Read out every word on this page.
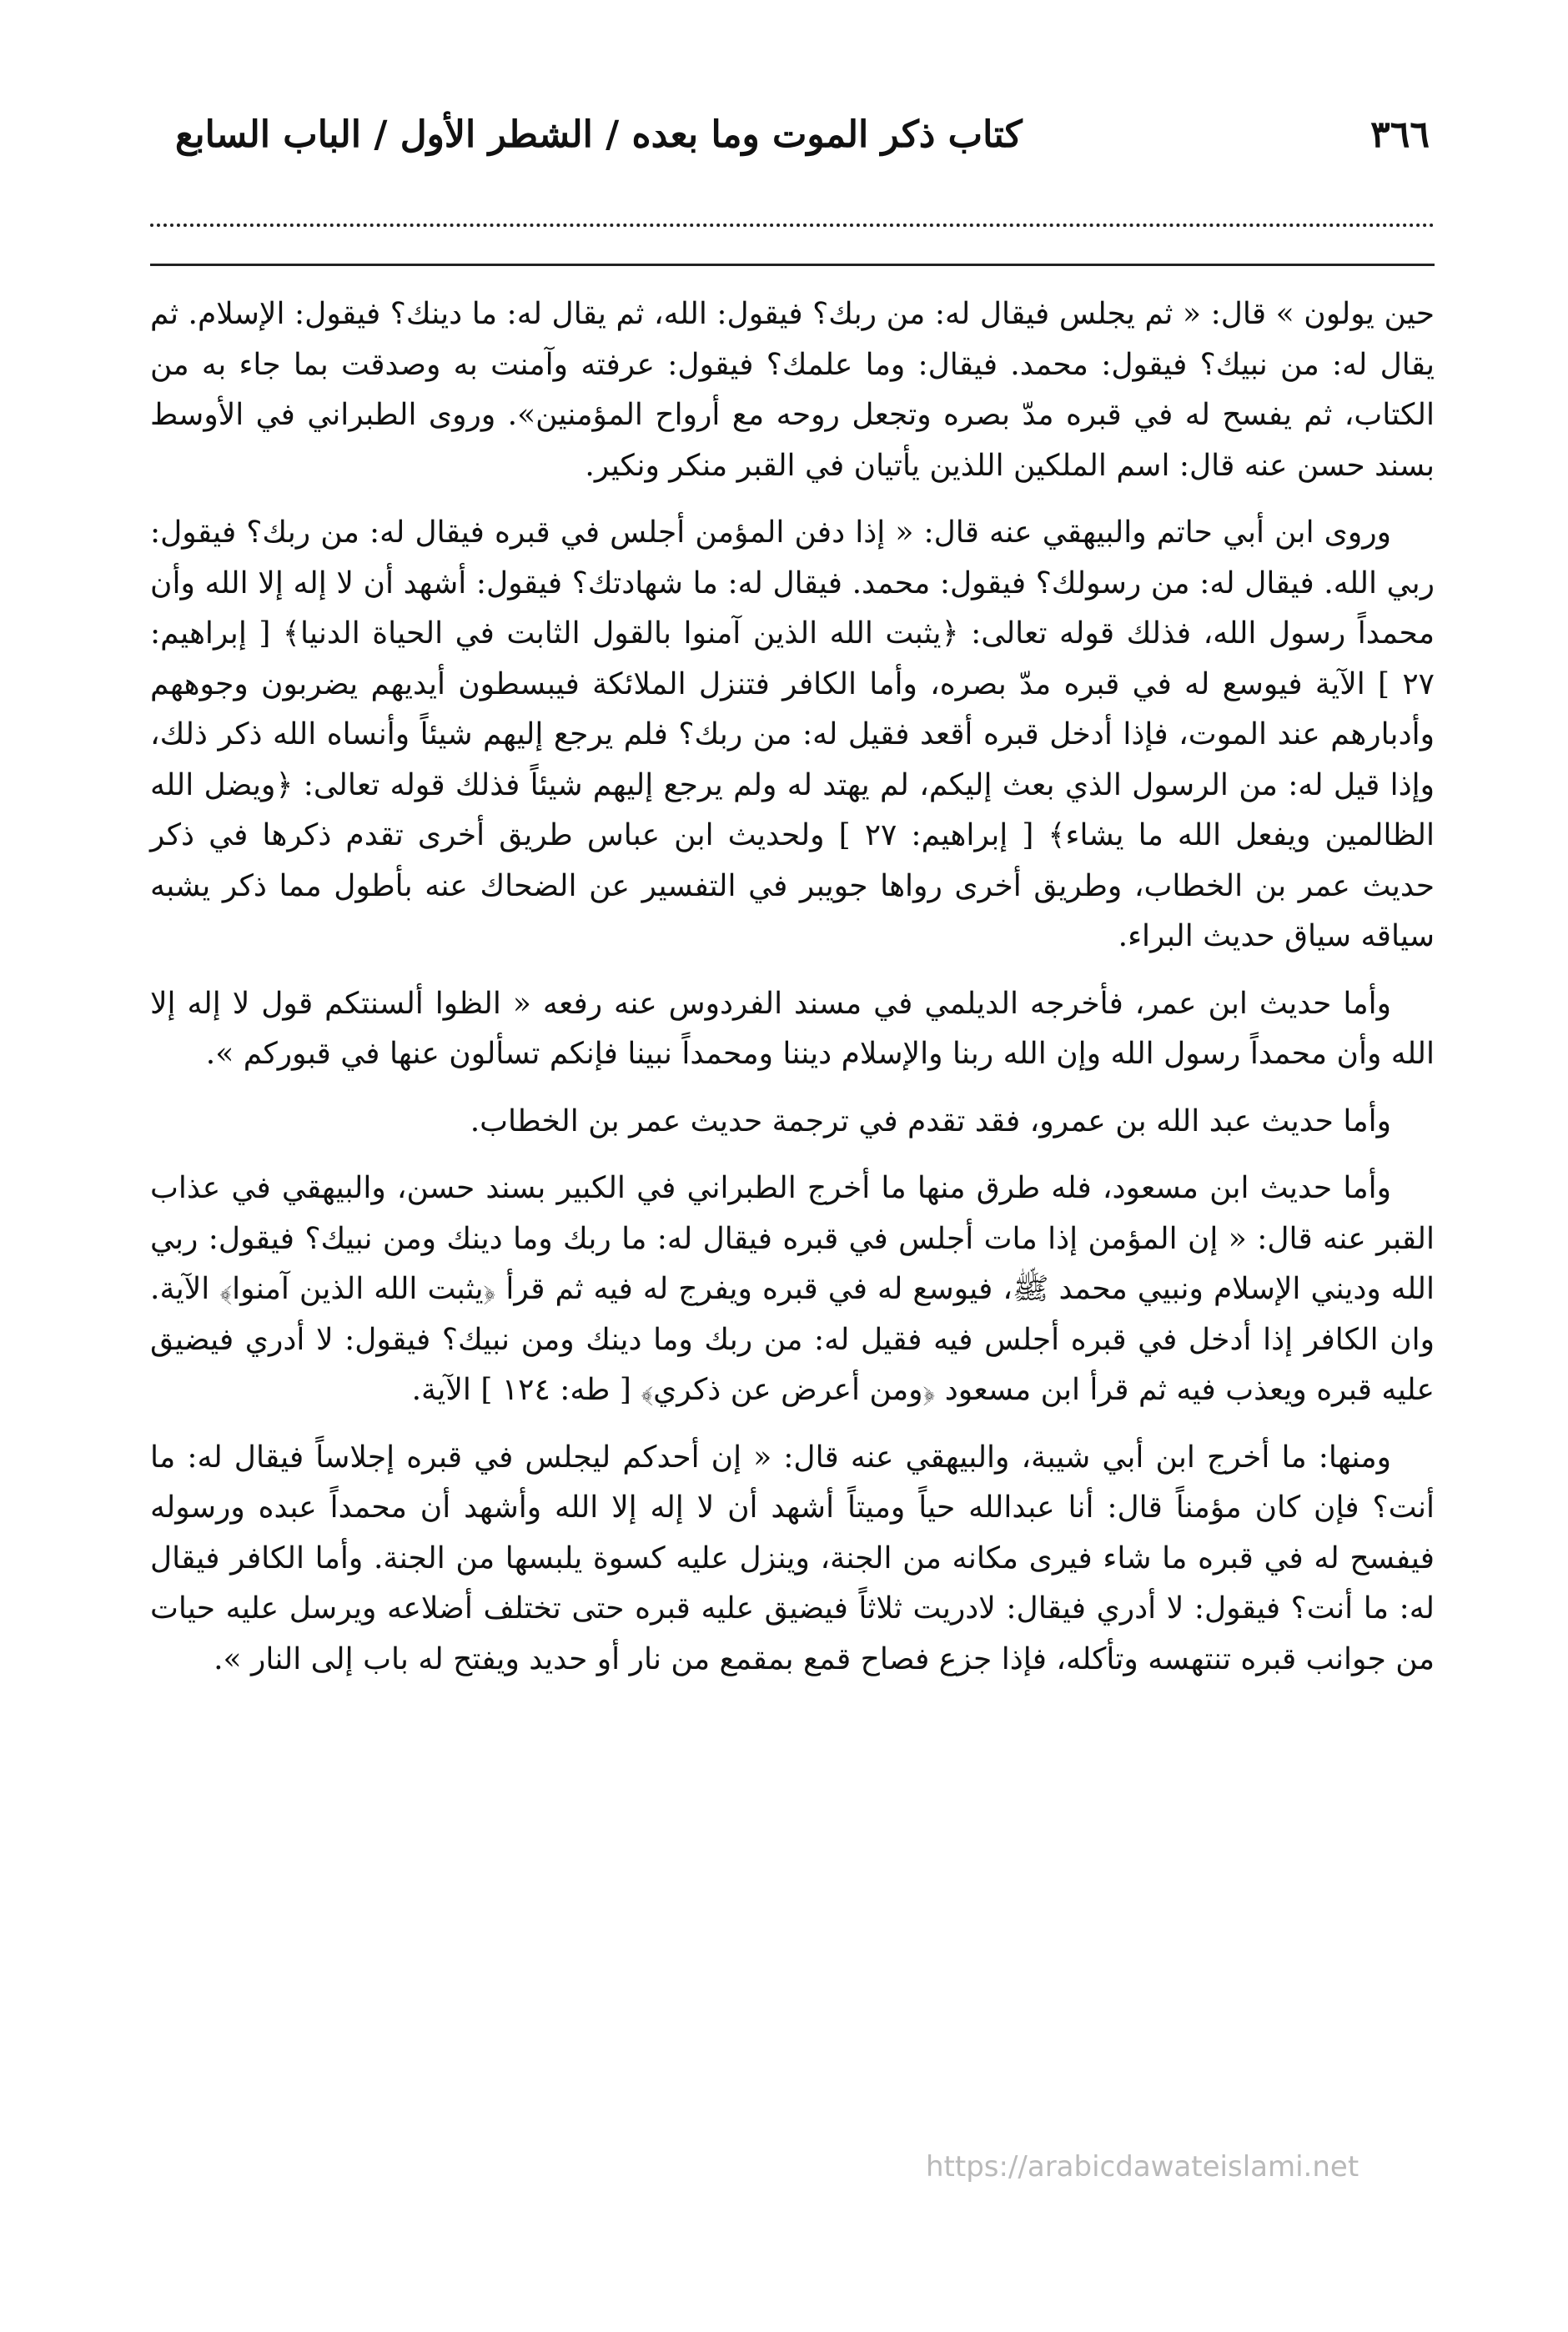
٣٦٦
كتاب ذكر الموت وما بعده / الشطر الأول / الباب السابع

حين يولون » قال: « ثم يجلس فيقال له: من ربك؟ فيقول: الله، ثم يقال له: ما دينك؟ فيقول: الإسلام. ثم يقال له: من نبيك؟ فيقول: محمد. فيقال: وما علمك؟ فيقول: عرفته وآمنت به وصدقت بما جاء به من الكتاب، ثم يفسح له في قبره مدّ بصره وتجعل روحه مع أرواح المؤمنين». وروى الطبراني في الأوسط بسند حسن عنه قال: اسم الملكين اللذين يأتيان في القبر منكر ونكير.

وروى ابن أبي حاتم والبيهقي عنه قال: « إذا دفن المؤمن أجلس في قبره فيقال له: من ربك؟ فيقول: ربي الله. فيقال له: من رسولك؟ فيقول: محمد. فيقال له: ما شهادتك؟ فيقول: أشهد أن لا إله إلا الله وأن محمداً رسول الله، فذلك قوله تعالى: ﴿يثبت الله الذين آمنوا بالقول الثابت في الحياة الدنيا﴾ [ إبراهيم: ٢٧ ] الآية فيوسع له في قبره مدّ بصره، وأما الكافر فتنزل الملائكة فيبسطون أيديهم يضربون وجوههم وأدبارهم عند الموت، فإذا أدخل قبره أقعد فقيل له: من ربك؟ فلم يرجع إليهم شيئاً وأنساه الله ذكر ذلك، وإذا قيل له: من الرسول الذي بعث إليكم، لم يهتد له ولم يرجع إليهم شيئاً فذلك قوله تعالى: ﴿ويضل الله الظالمين ويفعل الله ما يشاء﴾ [ إبراهيم: ٢٧ ] ولحديث ابن عباس طريق أخرى تقدم ذكرها في ذكر حديث عمر بن الخطاب، وطريق أخرى رواها جويبر في التفسير عن الضحاك عنه بأطول مما ذكر يشبه سياقه سياق حديث البراء.

وأما حديث ابن عمر، فأخرجه الديلمي في مسند الفردوس عنه رفعه « الظوا ألسنتكم قول لا إله إلا الله وأن محمداً رسول الله وإن الله ربنا والإسلام ديننا ومحمداً نبينا فإنكم تسألون عنها في قبوركم ».

وأما حديث عبد الله بن عمرو، فقد تقدم في ترجمة حديث عمر بن الخطاب.

وأما حديث ابن مسعود، فله طرق منها ما أخرج الطبراني في الكبير بسند حسن، والبيهقي في عذاب القبر عنه قال: « إن المؤمن إذا مات أجلس في قبره فيقال له: ما ربك وما دينك ومن نبيك؟ فيقول: ربي الله وديني الإسلام ونبيي محمد ﷺ، فيوسع له في قبره ويفرج له فيه ثم قرأ ﴿يثبت الله الذين آمنوا﴾ الآية. وان الكافر إذا أدخل في قبره أجلس فيه فقيل له: من ربك وما دينك ومن نبيك؟ فيقول: لا أدري فيضيق عليه قبره ويعذب فيه ثم قرأ ابن مسعود ﴿ومن أعرض عن ذكري﴾ [ طه: ١٢٤ ] الآية.

ومنها: ما أخرج ابن أبي شيبة، والبيهقي عنه قال: « إن أحدكم ليجلس في قبره إجلاساً فيقال له: ما أنت؟ فإن كان مؤمناً قال: أنا عبدالله حياً وميتاً أشهد أن لا إله إلا الله وأشهد أن محمداً عبده ورسوله فيفسح له في قبره ما شاء فيرى مكانه من الجنة، وينزل عليه كسوة يلبسها من الجنة. وأما الكافر فيقال له: ما أنت؟ فيقول: لا أدري فيقال: لادريت ثلاثاً فيضيق عليه قبره حتى تختلف أضلاعه ويرسل عليه حيات من جوانب قبره تنتهسه وتأكله، فإذا جزع فصاح قمع بمقمع من نار أو حديد ويفتح له باب إلى النار ».

https://arabicdawateislami.net
